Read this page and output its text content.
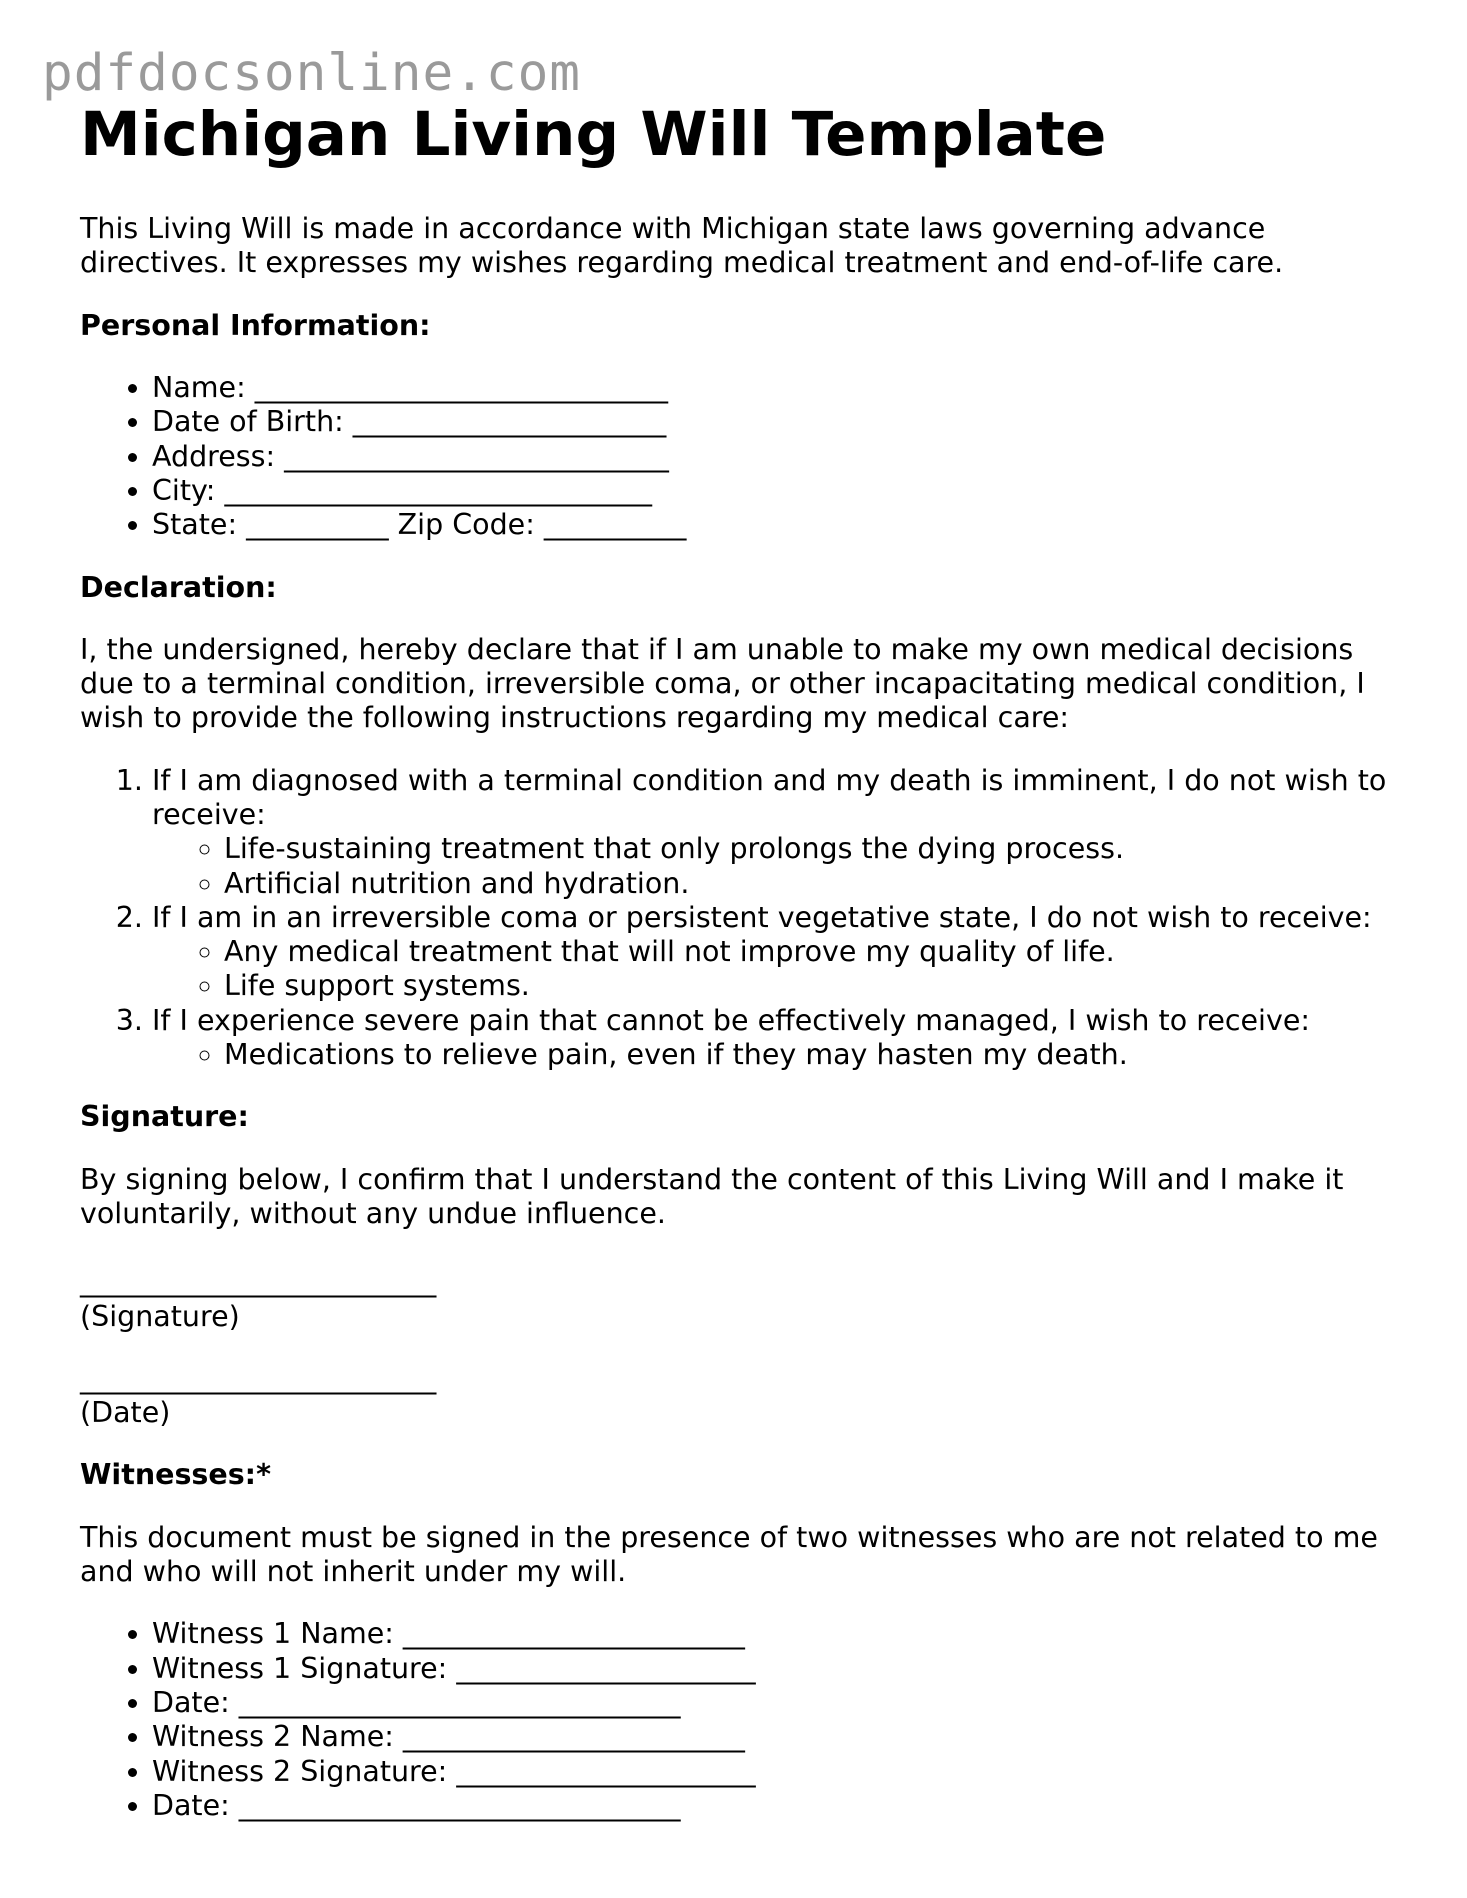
pdfdocsonline.com
Michigan Living Will Template

This Living Will is made in accordance with Michigan state laws governing advance directives. It expresses my wishes regarding medical treatment and end-of-life care.

Personal Information:

• Name: _____________________________
• Date of Birth: ______________________
• Address: ___________________________
• City: ______________________________
• State: __________ Zip Code: __________

Declaration:

I, the undersigned, hereby declare that if I am unable to make my own medical decisions due to a terminal condition, irreversible coma, or other incapacitating medical condition, I wish to provide the following instructions regarding my medical care:

1. If I am diagnosed with a terminal condition and my death is imminent, I do not wish to receive:
◦ Life-sustaining treatment that only prolongs the dying process.
◦ Artificial nutrition and hydration.
2. If I am in an irreversible coma or persistent vegetative state, I do not wish to receive:
◦ Any medical treatment that will not improve my quality of life.
◦ Life support systems.
3. If I experience severe pain that cannot be effectively managed, I wish to receive:
◦ Medications to relieve pain, even if they may hasten my death.

Signature:

By signing below, I confirm that I understand the content of this Living Will and I make it voluntarily, without any undue influence.

_________________________

(Signature)

_________________________

(Date)

Witnesses:*

This document must be signed in the presence of two witnesses who are not related to me and who will not inherit under my will.

• Witness 1 Name: ________________________
• Witness 1 Signature: _____________________
• Date: _______________________________
• Witness 2 Name: ________________________
• Witness 2 Signature: _____________________
• Date: _______________________________
